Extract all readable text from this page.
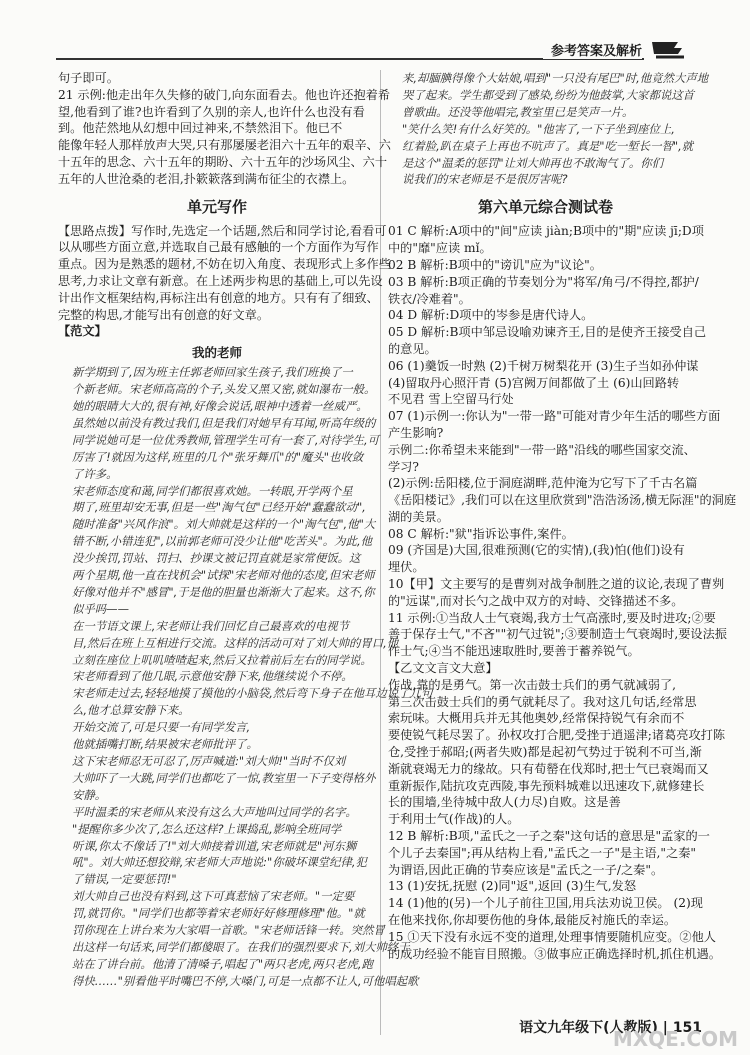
参考答案及解析
句子即可。
21 示例:他走出年久失修的破门,向东面看去。他也许还抱着希
望,他看到了谁?也许看到了久别的亲人,也许什么也没有看
到。他茫然地从幻想中回过神来,不禁然泪下。他已不
能像年轻人那样放声大哭,只有那屡屡老泪六十五年的艰辛、六
十五年的思念、六十五年的期盼、六十五年的沙场风尘、六十
五年的人世沧桑的老泪,扑簌簌落到满布征尘的衣襟上。
单元写作
【思路点拨】写作时,先选定一个话题,然后和同学讨论,看看可
以从哪些方面立意,并选取自己最有感触的一个方面作为写作
重点。因为是熟悉的题材,不妨在切入角度、表现形式上多作些
思考,力求让文章有新意。在上述两步构思的基础上,可以先设
计出作文框架结构,再标注出有创意的地方。只有有了细致、
完整的构思,才能写出有创意的好文章。
【范文】
我的老师
新学期到了,因为班主任郭老师回家生孩子,我们班换了一
个新老师。宋老师高高的个子,头发又黑又密,就如瀑布一般。
她的眼睛大大的,很有神,好像会说话,眼神中透着一丝威严。
虽然她以前没有教过我们,但是我们对她早有耳闻,听高年级的
同学说她可是一位优秀教师,管理学生可有一套了,对待学生,可
厉害了!就因为这样,班里的几个"张牙舞爪"的"魔头"也收敛
了许多。
宋老师态度和蔼,同学们都很喜欢她。一转眼,开学两个星
期了,班里却安无事,但是一些"淘气包"已经开始"蠢蠢欲动",
随时准备"兴风作浪"。刘大帅就是这样的一个"淘气包",他"大
错不断,小错连犯",以前郭老师可没少让他"吃苦头"。为此,他
没少挨罚,罚站、罚扫、抄课文被记罚直就是家常便饭。这
两个星期,他一直在找机会"试探"宋老师对他的态度,但宋老师
好像对他并不"感冒",于是他的胆量也渐渐大了起来。这不,你
似乎吗——
在一节语文课上,宋老师让我们回忆自己最喜欢的电视节
目,然后在班上互相进行交流。这样的活动可对了刘大帅的胃口,他
立刻在座位上叽叽喳喳起来,然后又拉着前后左右的同学说。
宋老师看到了他几眼,示意他安静下来,他继续说个不停。
宋老师走过去,轻轻地摸了摸他的小脑袋,然后弯下身子在他耳边说了几句
么,他才总算安静下来。
开始交流了,可是只要一有同学发言,
他就插嘴打断,结果被宋老师批评了。
这下宋老师忍无可忍了,厉声喊道:"刘大帅!"当时不仅刘
大帅吓了一大跳,同学们也都吃了一惊,教室里一下子变得格外
安静。
平时温柔的宋老师从来没有这么大声地叫过同学的名字。
"提醒你多少次了,怎么还这样?上课捣乱,影响全班同学
听课,你太不像话了!"刘大帅接着训道,宋老师就是"河东狮
吼"。刘大帅还想狡辩,宋老师大声地说:"你破坏课堂纪律,犯
了错误,一定要惩罚!"
刘大帅自己也没有料到,这下可真惹恼了宋老师。"一定要
罚,就罚你。"同学们也都等着宋老师好好修理修理"他。"就
罚你现在上讲台来为大家唱一首歌。"宋老师话锋一转。突然冒
出这样一句话来,同学们都傻眼了。在我们的强烈要求下,刘大帅终于
站在了讲台前。他清了清嗓子,唱起了"两只老虎,两只老虎,跑
得快……"别看他平时嘴巴不停,大嗓门,可是一点都不让人,可他唱起歌
来,却腼腆得像个大姑娘,唱到"一只没有尾巴"时,他竟然大声地
哭了起来。学生都受到了感染,纷纷为他鼓掌,大家都说这首
曾歌曲。还没等他唱完,教室里已是笑声一片。
"笑什么笑!有什么好笑的。"他害了,一下子坐到座位上,
红着脸,趴在桌子上再也不吭声了。真是"吃一堑长一智",就
是这个"温柔的惩罚"让刘大帅再也不敢淘气了。你们
说我们的宋老师是不是很厉害呢?
第六单元综合测试卷
01 C 解析:A项中的"间"应读 jiàn;B项中的"期"应读 jī;D项
中的"靡"应读 mǐ。
02 B 解析:B项中的"谤讥"应为"议论"。
03 B 解析:B项正确的节奏划分为"将军/角弓/不得控,都护/
铁衣/冷难着"。
04 D 解析:D项中的岑参是唐代诗人。
05 D 解析:B项中邹忌设喻劝谏齐王,目的是使齐王接受自己
的意见。
06 (1)羹饭一时熟 (2)千树万树梨花开 (3)生子当如孙仲谋
(4)留取丹心照汗青 (5)宫阙万间都做了土 (6)山回路转
不见君 雪上空留马行处
07 (1)示例一:你认为"一带一路"可能对青少年生活的哪些方面
产生影响?
示例二:你希望未来能到"一带一路"沿线的哪些国家交流、
学习?
(2)示例:岳阳楼,位于洞庭湖畔,范仲淹为它写下了千古名篇
《岳阳楼记》,我们可以在这里欣赏到"浩浩汤汤,横无际涯"的洞庭
湖的美景。
08 C 解析:"狱"指诉讼事件,案件。
09 (齐国是)大国,很难预测(它的实情),(我)怕(他们)设有
埋伏。
10【甲】文主要写的是曹刿对战争制胜之道的议论,表现了曹刿
的"远谋",而对长勺之战中双方的对峙、交锋描述不多。
11 示例:①当敌人士气衰竭,我方士气高涨时,要及时进攻;②要
善于保存士气,"不吝""初气过锐";③要制造士气衰竭时,要设法振
作士气;④当不能迅速取胜时,要善于蓄养锐气。
【乙文文言文大意】
作战,靠的是勇气。第一次击鼓士兵们的勇气就减弱了,
第三次击鼓士兵们的勇气就耗尽了。我对这几句话,经常思
索玩味。大概用兵并无其他奥妙,经常保持锐气有余而不
要使锐气耗尽罢了。孙权攻打合肥,受挫于逍遥津;诸葛亮攻打陈
仓,受挫于郝昭;(两者失败)都是起初气势过于锐利不可当,渐
渐就衰竭无力的缘故。只有荀罃在伐郑时,把士气已衰竭而又
重新振作,陆抗攻克西陵,事先预料城难以迅速攻下,就修建长
长的围墙,坐待城中敌人(力尽)自败。这是善
于利用士气(作战)的人。
12 B 解析:B项,"孟氏之一子之秦"这句话的意思是"孟家的一
个儿子去秦国";再从结构上看,"孟氏之一子"是主语,"之秦"
为谓语,因此正确的节奏应该是"孟氏之一子/之秦"。
13 (1)安抚,抚慰 (2)同"返",返回 (3)生气,发怒
14 (1)他的(另)一个儿子前往卫国,用兵法劝说卫侯。 (2)现
在他来找你,你却要伤他的身体,最能反衬施氏的幸运。
15 ①天下没有永远不变的道理,处理事情要随机应变。②他人
的成功经验不能盲目照搬。③做事应正确选择时机,抓住机遇。
语文九年级下(人教版) | 151
MXQE.COM
